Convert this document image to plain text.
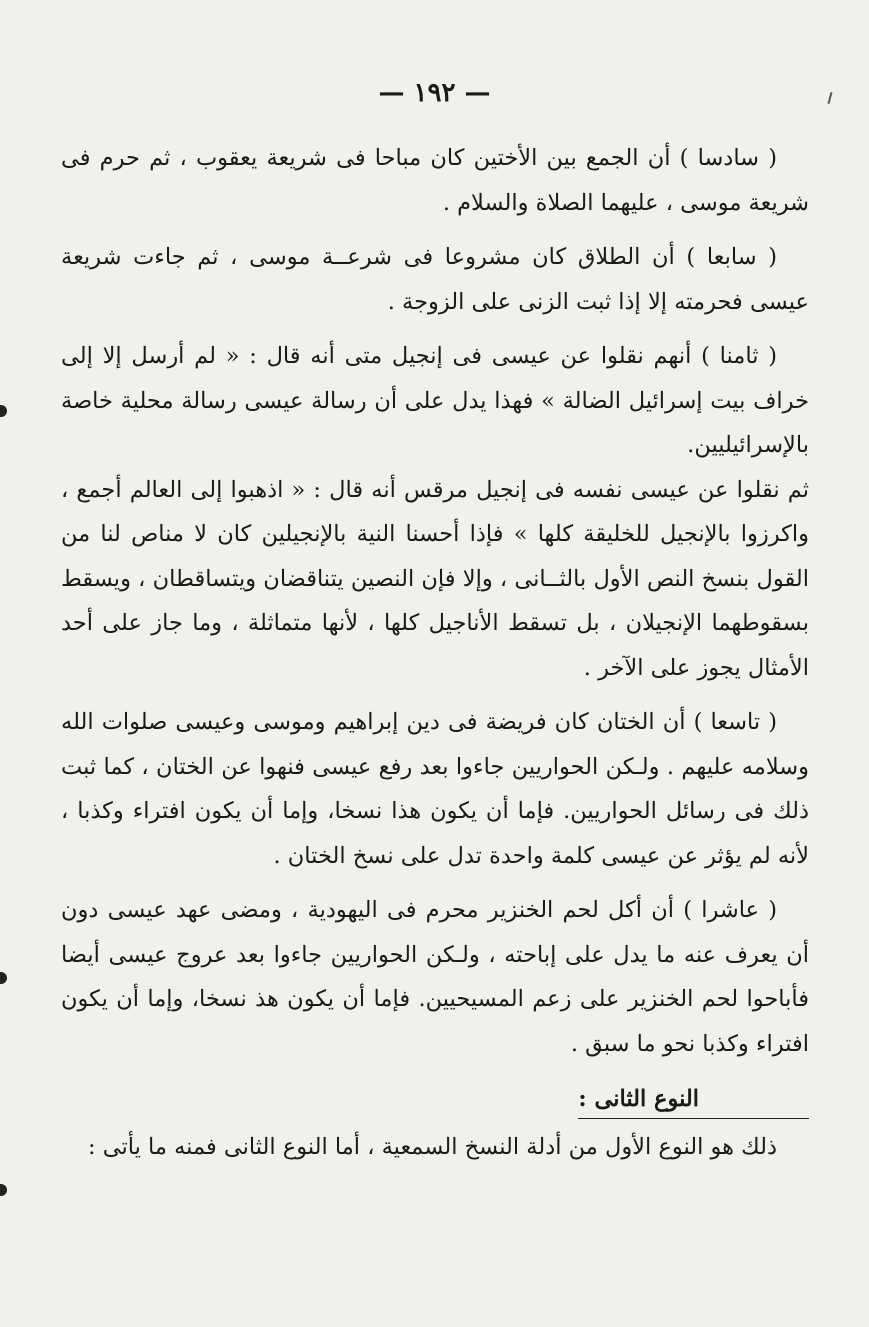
— ١٩٢ —

( سادسا ) أن الجمع بين الأختين كان مباحا فى شريعة يعقوب ، ثم حرم فى شريعة موسى ، عليهما الصلاة والسلام .

( سابعا ) أن الطلاق كان مشروعا فى شرعــة موسى ، ثم جاءت شريعة عيسى فحرمته إلا إذا ثبت الزنى على الزوجة .

( ثامنا ) أنهم نقلوا عن عيسى فى إنجيل متى أنه قال : « لم أرسل إلا إلى خراف بيت إسرائيل الضالة » فهذا يدل على أن رسالة عيسى رسالة محلية خاصة بالإسرائيليين.

ثم نقلوا عن عيسى نفسه فى إنجيل مرقس أنه قال : « اذهبوا إلى العالم أجمع ، واكرزوا بالإنجيل للخليقة كلها » فإذا أحسنا النية بالإنجيلين كان لا مناص لنا من القول بنسخ النص الأول بالثــانى ، وإلا فإن النصين يتناقضان ويتساقطان ، ويسقط بسقوطهما الإنجيلان ، بل تسقط الأناجيل كلها ، لأنها متماثلة ، وما جاز على أحد الأمثال يجوز على الآخر .

( تاسعا ) أن الختان كان فريضة فى دين إبراهيم وموسى وعيسى صلوات الله وسلامه عليهم . ولـكن الحواريين جاءوا بعد رفع عيسى فنهوا عن الختان ، كما ثبت ذلك فى رسائل الحواريين. فإما أن يكون هذا نسخا، وإما أن يكون افتراء وكذبا ، لأنه لم يؤثر عن عيسى كلمة واحدة تدل على نسخ الختان .

( عاشرا ) أن أكل لحم الخنزير محرم فى اليهودية ، ومضى عهد عيسى دون أن يعرف عنه ما يدل على إباحته ، ولـكن الحواريين جاءوا بعد عروج عيسى أيضا فأباحوا لحم الخنزير على زعم المسيحيين. فإما أن يكون هذ نسخا، وإما أن يكون افتراء وكذبا نحو ما سبق .

النوع الثانى :

ذلك هو النوع الأول من أدلة النسخ السمعية ، أما النوع الثانى فمنه ما يأتى :
